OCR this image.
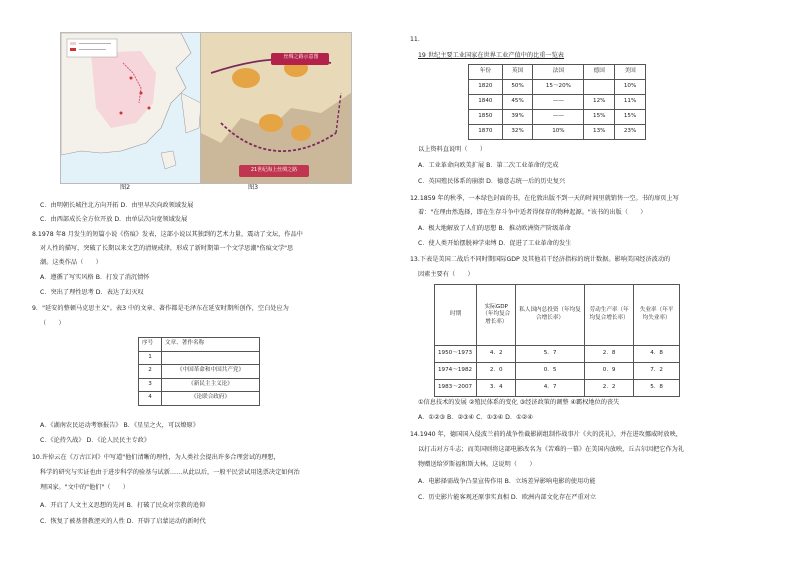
丝绸之路示意图
21世纪海上丝绸之路
图2	图3
C．由明朝长城往北方向开拓 D．由里早次向政领域发展
C．由西部成长全方位开放 D．由单层次向宽领域发展
8.1978 年8 月发生的短篇小说《伤痕》发表，这部小说以其独到的艺术力量，震动了文坛，作品中
对人性的描写，突破了长期以来文艺的清规戒律，形成了新时期第一个文学思潮"伤痕文学"思
潮。这类作品（　　）
A．遵循了写实风格 B．打发了消沉情怀
C．突出了理性思考 D．表达了幻灭叹
9．"延安的整顿马克思主义"。表3 中的文章、著作都是毛泽东在延安时期所创作，空白处应为
（　　）
序号	文章、著作名称
1	
2	《中国革命和中国共产党》
3	《新民主主义论》
4	《论联合政府》
A．《湖南农民运动考察报告》 B．《星星之火，可以燎原》
C．《论持久战》 D．《论人民民主专政》
10.许倬云在《万古江河》中写道"他们清晰的理性，为人类社会提出许多合理尝试的理想，
科学的研究与实证也由于进步科学的验基与试新……从此以后，一般平民尝试用选票决定如何治
理国家。"文中的"他们"（　　）
A．开启了人文主义思想的先河 B．打破了民众对宗教的追仰
C．恢复了被基督教湮灭的人性 D．开辟了启蒙运动的新时代
11.
19 世纪主要工业国家在世界工业产值中的比重一览表
年份	英国	法国	德国	美国
1820	50%	15～20%		10%
1840	45%	——	12%	11%
1850	39%	——	15%	15%
1870	32%	10%	13%	23%
以上资料直说明（　　）
A．工业革命向欧美扩展 B．第二次工业革命的完成
C．英国殖民体系的崩溃 D．德意志统一后的历史复兴
12.1859 年的秋季，一本绿色封面的书，在伦敦出版不到一天的时间里就销售一空。书的扉页上写
着："在理由然选择，即在生存斗争中适者得保存的物种起源。"该书的出版（　　）
A．极大地解放了人们的思想 B．推动欧洲资产阶级革命
C．使人类开始摆脱神学束缚 D．促进了工业革命的发生
13.下表是美国二战后不同时期国际GDP 及其他若干经济指标的统计数据。影响美国经济波动的
因素主要有（　　）
时期	实际GDP（年均复合增长率）	私人国内总投资（年均复合增长率）	劳动生产率（年均复合增长率）	失业率（年平均失业率）
1950～1973	4．2	5．7	2．8	4．8
1974～1982	2．0	0．5	0．9	7．2
1983～2007	3．4	4．7	2．2	5．8
①信息技术的发展 ②殖民体系的变化 ③经济政策的调整 ④霸权地位的丧失
A．①②③ B．②③④ C．①③④ D．①②④
14.1940 年，德国国入侵波兰前的战争性截影剧组制作战事片《火的洗礼》，并在进攻挪威时放映，
以打击对方斗志；而美国则将这部电影改名为《苦难的一幕》在美国内放映，丘吉尔因把它作为礼
物赠送给罗斯福和斯大林。这说明（　　）
A．电影择需战争凸显宣传作用 B．立场差异影响电影的使用功能
C．历史影片能客观还原事实真相 D．欧洲内部文化存在严重对立
